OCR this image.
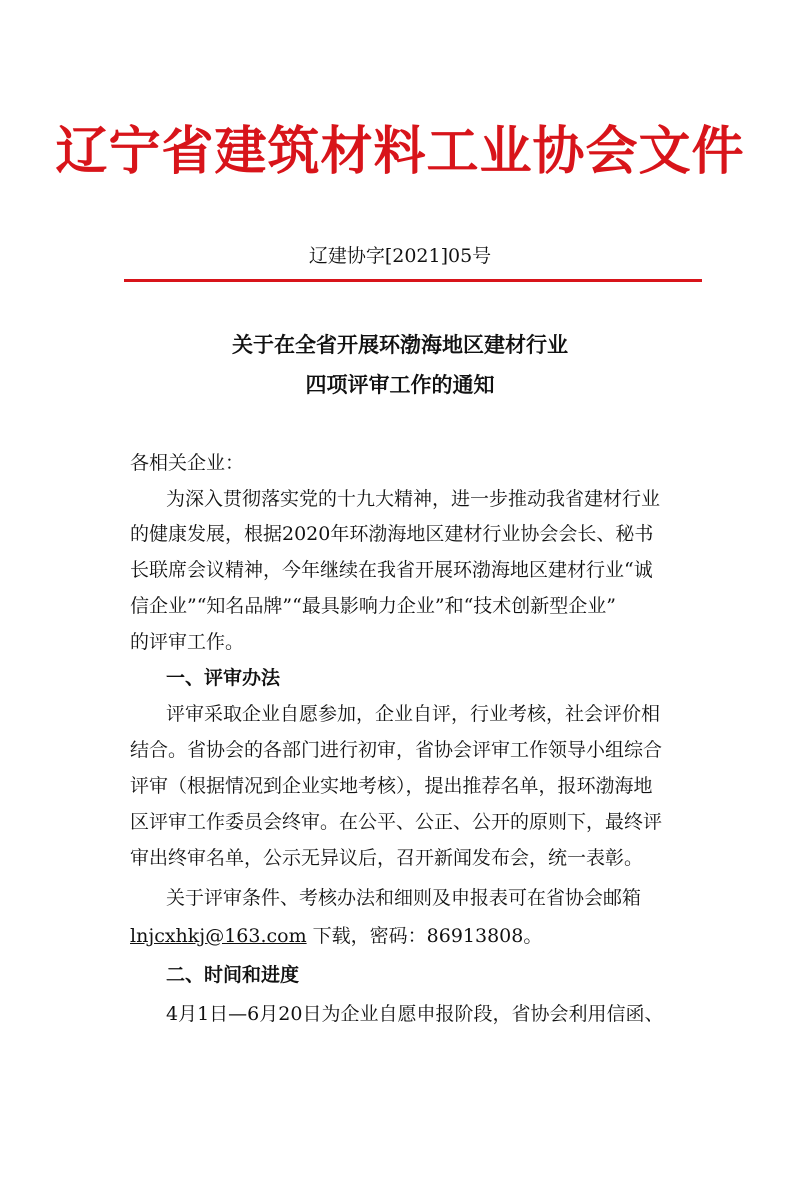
辽宁省建筑材料工业协会文件
辽建协字[2021]05号
关于在全省开展环渤海地区建材行业
四项评审工作的通知
各相关企业：
为深入贯彻落实党的十九大精神，进一步推动我省建材行业
的健康发展，根据2020年环渤海地区建材行业协会会长、秘书
长联席会议精神，今年继续在我省开展环渤海地区建材行业“诚
信企业”“知名品牌”“最具影响力企业”和“技术创新型企业”
的评审工作。
一、评审办法
评审采取企业自愿参加，企业自评，行业考核，社会评价相
结合。省协会的各部门进行初审，省协会评审工作领导小组综合
评审（根据情况到企业实地考核），提出推荐名单，报环渤海地
区评审工作委员会终审。在公平、公正、公开的原则下，最终评
审出终审名单，公示无异议后，召开新闻发布会，统一表彰。
关于评审条件、考核办法和细则及申报表可在省协会邮箱
lnjcxhkj@163.com 下载，密码：86913808。
二、时间和进度
4月1日—6月20日为企业自愿申报阶段，省协会利用信函、
